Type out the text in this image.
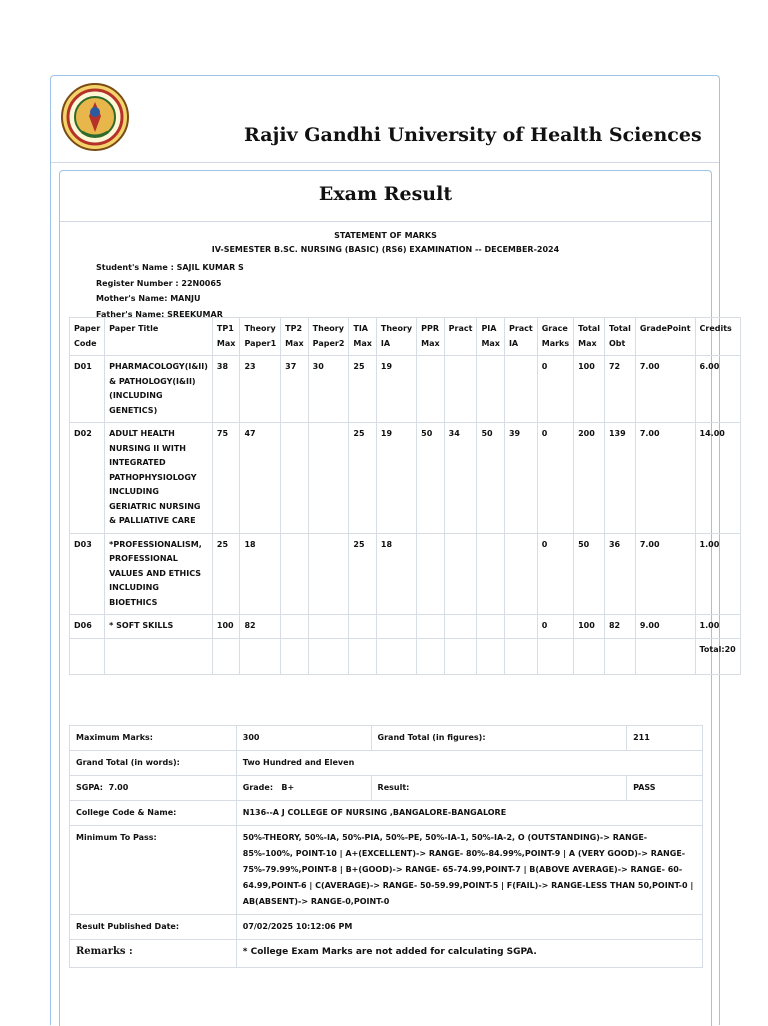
Rajiv Gandhi University of Health Sciences
Exam Result
STATEMENT OF MARKS
IV-SEMESTER B.SC. NURSING (BASIC) (RS6) EXAMINATION -- DECEMBER-2024
Student's Name : SAJIL KUMAR S
Register Number : 22N0065
Mother's Name: MANJU
Father's Name: SREEKUMAR
Paper Code	Paper Title	TP1 Max	Theory Paper1	TP2 Max	Theory Paper2	TIA Max	Theory IA	PPR Max	Pract	PIA Max	Pract IA	Grace Marks	Total Max	Total Obt	GradePoint	Credits
D01	PHARMACOLOGY(I&II) & PATHOLOGY(I&II) (INCLUDING GENETICS)	38	23	37	30	25	19					0	100	72	7.00	6.00
D02	ADULT HEALTH NURSING II WITH INTEGRATED PATHOPHYSIOLOGY INCLUDING GERIATRIC NURSING & PALLIATIVE CARE	75	47			25	19	50	34	50	39	0	200	139	7.00	14.00
D03	*PROFESSIONALISM, PROFESSIONAL VALUES AND ETHICS INCLUDING BIOETHICS	25	18			25	18					0	50	36	7.00	1.00
D06	* SOFT SKILLS	100	82									0	100	82	9.00	1.00
																Total:20
Maximum Marks:	300	Grand Total (in figures):	211
Grand Total (in words):	Two Hundred and Eleven		
SGPA: 7.00	Grade: B+	Result:	PASS
College Code & Name:	N136--A J COLLEGE OF NURSING ,BANGALORE-BANGALORE		
Minimum To Pass:	50%-THEORY, 50%-IA, 50%-PIA, 50%-PE, 50%-IA-1, 50%-IA-2, O (OUTSTANDING)-> RANGE- 85%-100%, POINT-10 | A+(EXCELLENT)-> RANGE- 80%-84.99%,POINT-9 | A (VERY GOOD)-> RANGE- 75%-79.99%,POINT-8 | B+(GOOD)-> RANGE- 65-74.99,POINT-7 | B(ABOVE AVERAGE)-> RANGE- 60-64.99,POINT-6 | C(AVERAGE)-> RANGE- 50-59.99,POINT-5 | F(FAIL)-> RANGE-LESS THAN 50,POINT-0 | AB(ABSENT)-> RANGE-0,POINT-0		
Result Published Date:	07/02/2025 10:12:06 PM		
Remarks :	* College Exam Marks are not added for calculating SGPA.		
